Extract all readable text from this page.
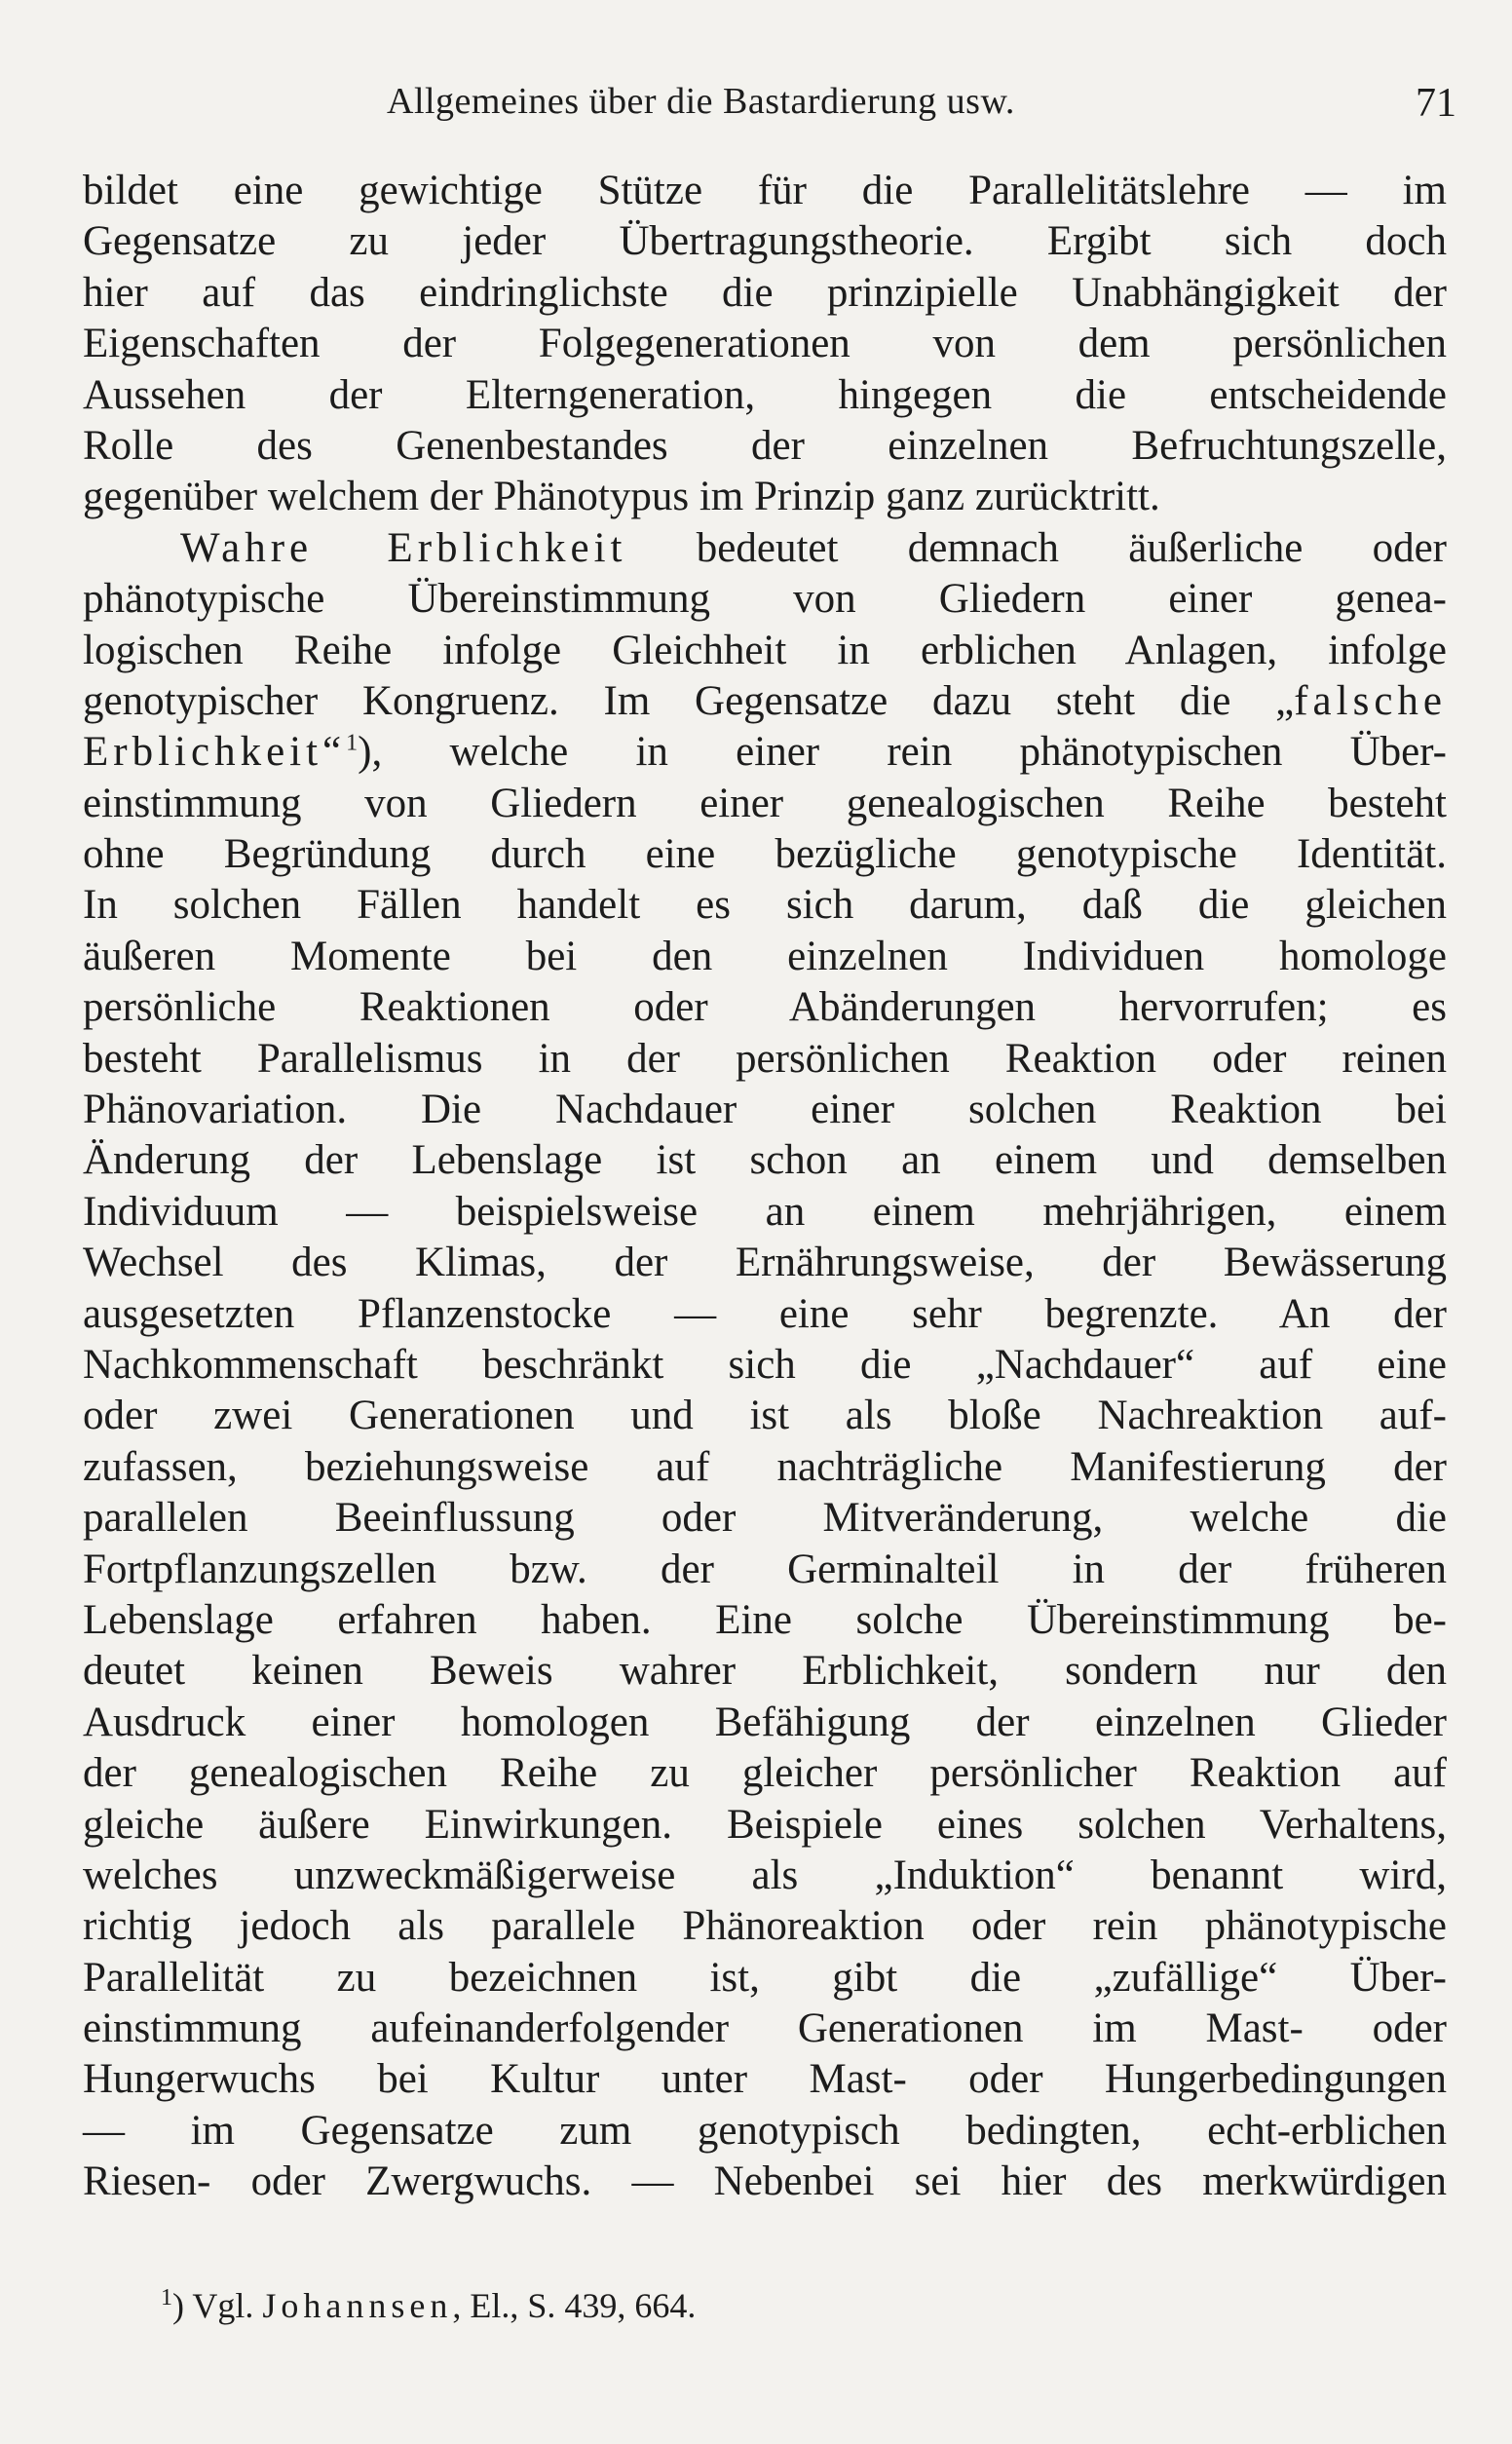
Allgemeines über die Bastardierung usw.	71
bildet eine gewichtige Stütze für die Parallelitätslehre — im
Gegensatze zu jeder Übertragungstheorie. Ergibt sich doch
hier auf das eindringlichste die prinzipielle Unabhängigkeit der
Eigenschaften der Folgegenerationen von dem persönlichen
Aussehen der Elterngeneration, hingegen die entscheidende
Rolle des Genenbestandes der einzelnen Befruchtungszelle,
gegenüber welchem der Phänotypus im Prinzip ganz zurücktritt.
Wahre Erblichkeit bedeutet demnach äußerliche oder
phänotypische Übereinstimmung von Gliedern einer genea-
logischen Reihe infolge Gleichheit in erblichen Anlagen, infolge
genotypischer Kongruenz. Im Gegensatze dazu steht die „falsche
Erblichkeit“$^1$), welche in einer rein phänotypischen Über-
einstimmung von Gliedern einer genealogischen Reihe besteht
ohne Begründung durch eine bezügliche genotypische Identität.
In solchen Fällen handelt es sich darum, daß die gleichen
äußeren Momente bei den einzelnen Individuen homologe
persönliche Reaktionen oder Abänderungen hervorrufen; es
besteht Parallelismus in der persönlichen Reaktion oder reinen
Phänovariation. Die Nachdauer einer solchen Reaktion bei
Änderung der Lebenslage ist schon an einem und demselben
Individuum — beispielsweise an einem mehrjährigen, einem
Wechsel des Klimas, der Ernährungsweise, der Bewässerung
ausgesetzten Pflanzenstocke — eine sehr begrenzte. An der
Nachkommenschaft beschränkt sich die „Nachdauer“ auf eine
oder zwei Generationen und ist als bloße Nachreaktion auf-
zufassen, beziehungsweise auf nachträgliche Manifestierung der
parallelen Beeinflussung oder Mitveränderung, welche die
Fortpflanzungszellen bzw. der Germinalteil in der früheren
Lebenslage erfahren haben. Eine solche Übereinstimmung be-
deutet keinen Beweis wahrer Erblichkeit, sondern nur den
Ausdruck einer homologen Befähigung der einzelnen Glieder
der genealogischen Reihe zu gleicher persönlicher Reaktion auf
gleiche äußere Einwirkungen. Beispiele eines solchen Verhaltens,
welches unzweckmäßigerweise als „Induktion“ benannt wird,
richtig jedoch als parallele Phänoreaktion oder rein phänotypische
Parallelität zu bezeichnen ist, gibt die „zufällige“ Über-
einstimmung aufeinanderfolgender Generationen im Mast- oder
Hungerwuchs bei Kultur unter Mast- oder Hungerbedingungen
— im Gegensatze zum genotypisch bedingten, echt-erblichen
Riesen- oder Zwergwuchs. — Nebenbei sei hier des merkwürdigen
$^1$) Vgl. Johannsen, El., S. 439, 664.
